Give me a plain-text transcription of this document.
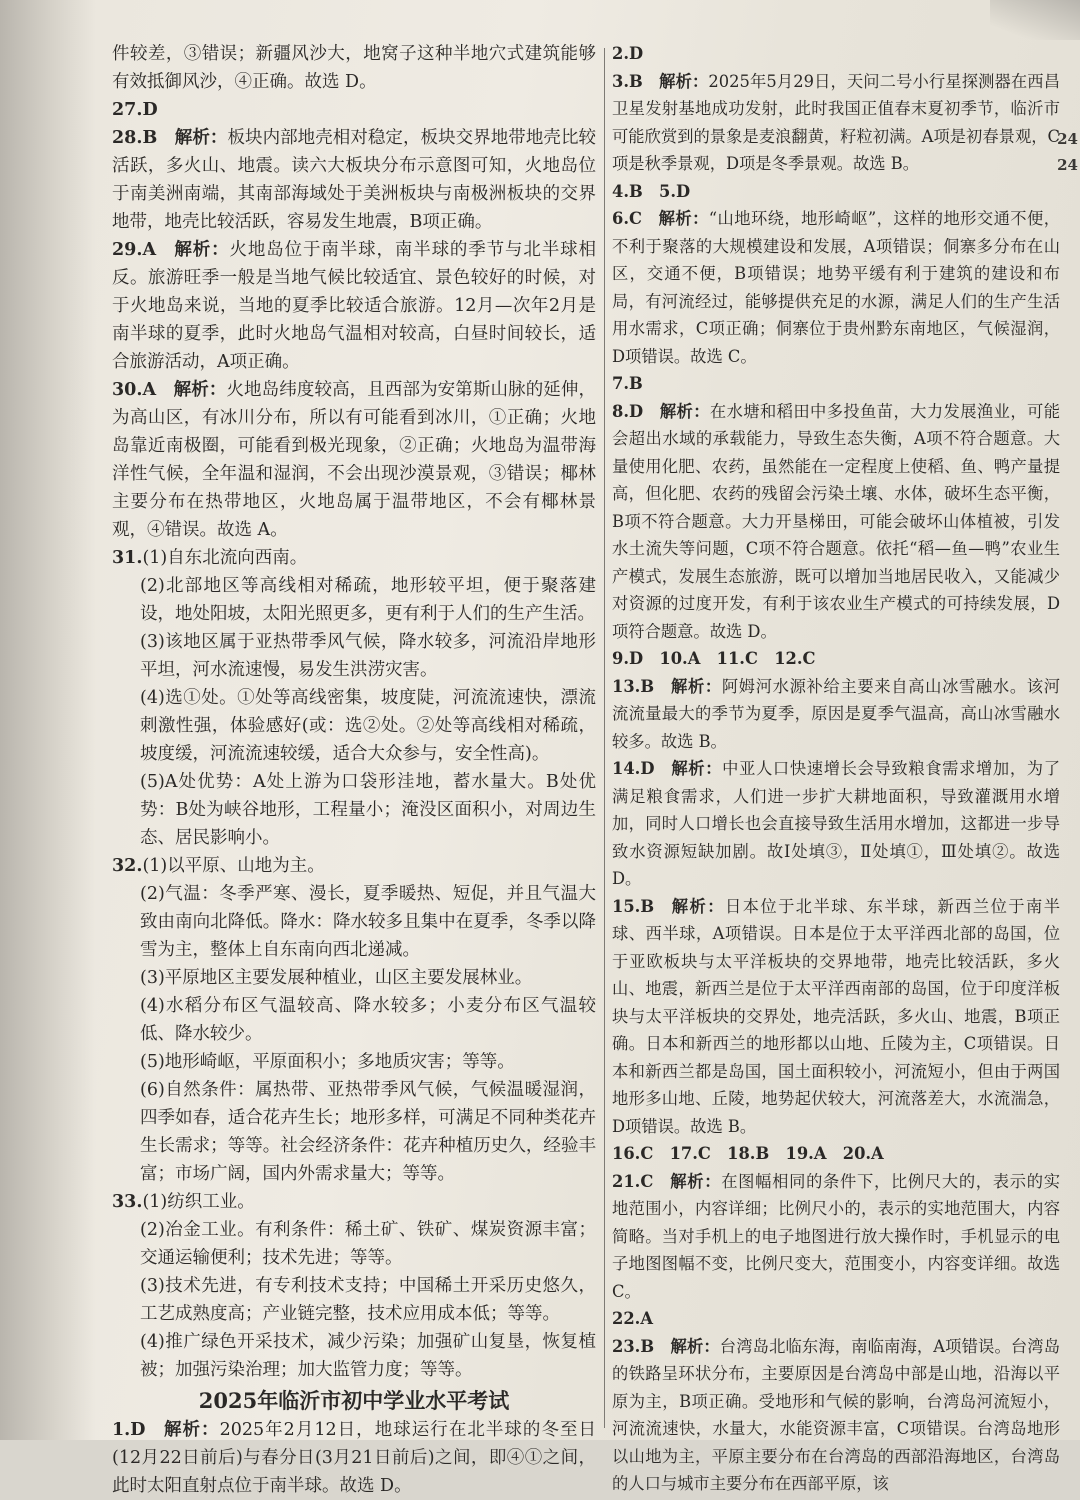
24
24

件较差，③错误；新疆风沙大，地窝子这种半地穴式建筑能够有效抵御风沙，④正确。故选 D。

27.D

28.B  解析：板块内部地壳相对稳定，板块交界地带地壳比较活跃，多火山、地震。读六大板块分布示意图可知，火地岛位于南美洲南端，其南部海域处于美洲板块与南极洲板块的交界地带，地壳比较活跃，容易发生地震，B项正确。

29.A  解析：火地岛位于南半球，南半球的季节与北半球相反。旅游旺季一般是当地气候比较适宜、景色较好的时候，对于火地岛来说，当地的夏季比较适合旅游。12月—次年2月是南半球的夏季，此时火地岛气温相对较高，白昼时间较长，适合旅游活动，A项正确。

30.A  解析：火地岛纬度较高，且西部为安第斯山脉的延伸，为高山区，有冰川分布，所以有可能看到冰川，①正确；火地岛靠近南极圈，可能看到极光现象，②正确；火地岛为温带海洋性气候，全年温和湿润，不会出现沙漠景观，③错误；椰林主要分布在热带地区，火地岛属于温带地区，不会有椰林景观，④错误。故选 A。

31.(1)自东北流向西南。

(2)北部地区等高线相对稀疏，地形较平坦，便于聚落建设，地处阳坡，太阳光照更多，更有利于人们的生产生活。

(3)该地区属于亚热带季风气候，降水较多，河流沿岸地形平坦，河水流速慢，易发生洪涝灾害。

(4)选①处。①处等高线密集，坡度陡，河流流速快，漂流刺激性强，体验感好(或：选②处。②处等高线相对稀疏，坡度缓，河流流速较缓，适合大众参与，安全性高)。

(5)A处优势：A处上游为口袋形洼地，蓄水量大。B处优势：B处为峡谷地形，工程量小；淹没区面积小，对周边生态、居民影响小。

32.(1)以平原、山地为主。

(2)气温：冬季严寒、漫长，夏季暖热、短促，并且气温大致由南向北降低。降水：降水较多且集中在夏季，冬季以降雪为主，整体上自东南向西北递减。

(3)平原地区主要发展种植业，山区主要发展林业。

(4)水稻分布区气温较高、降水较多；小麦分布区气温较低、降水较少。

(5)地形崎岖，平原面积小；多地质灾害；等等。

(6)自然条件：属热带、亚热带季风气候，气候温暖湿润，四季如春，适合花卉生长；地形多样，可满足不同种类花卉生长需求；等等。社会经济条件：花卉种植历史久，经验丰富；市场广阔，国内外需求量大；等等。

33.(1)纺织工业。

(2)冶金工业。有利条件：稀土矿、铁矿、煤炭资源丰富；交通运输便利；技术先进；等等。

(3)技术先进，有专利技术支持；中国稀土开采历史悠久，工艺成熟度高；产业链完整，技术应用成本低；等等。

(4)推广绿色开采技术，减少污染；加强矿山复垦，恢复植被；加强污染治理；加大监管力度；等等。

2025年临沂市初中学业水平考试

1.D  解析：2025年2月12日，地球运行在北半球的冬至日(12月22日前后)与春分日(3月21日前后)之间，即④①之间，此时太阳直射点位于南半球。故选 D。

2.D

3.B  解析：2025年5月29日，天问二号小行星探测器在西昌卫星发射基地成功发射，此时我国正值春末夏初季节，临沂市可能欣赏到的景象是麦浪翻黄，籽粒初满。A项是初春景观，C项是秋季景观，D项是冬季景观。故选 B。

4.B　5.D

6.C  解析：“山地环绕，地形崎岖”，这样的地形交通不便，不利于聚落的大规模建设和发展，A项错误；侗寨多分布在山区，交通不便，B项错误；地势平缓有利于建筑的建设和布局，有河流经过，能够提供充足的水源，满足人们的生产生活用水需求，C项正确；侗寨位于贵州黔东南地区，气候湿润，D项错误。故选 C。

7.B

8.D  解析：在水塘和稻田中多投鱼苗，大力发展渔业，可能会超出水域的承载能力，导致生态失衡，A项不符合题意。大量使用化肥、农药，虽然能在一定程度上使稻、鱼、鸭产量提高，但化肥、农药的残留会污染土壤、水体，破坏生态平衡，B项不符合题意。大力开垦梯田，可能会破坏山体植被，引发水土流失等问题，C项不符合题意。依托“稻—鱼—鸭”农业生产模式，发展生态旅游，既可以增加当地居民收入，又能减少对资源的过度开发，有利于该农业生产模式的可持续发展，D项符合题意。故选 D。

9.D　10.A　11.C　12.C

13.B  解析：阿姆河水源补给主要来自高山冰雪融水。该河流流量最大的季节为夏季，原因是夏季气温高，高山冰雪融水较多。故选 B。

14.D  解析：中亚人口快速增长会导致粮食需求增加，为了满足粮食需求，人们进一步扩大耕地面积，导致灌溉用水增加，同时人口增长也会直接导致生活用水增加，这都进一步导致水资源短缺加剧。故Ⅰ处填③，Ⅱ处填①，Ⅲ处填②。故选 D。

15.B  解析：日本位于北半球、东半球，新西兰位于南半球、西半球，A项错误。日本是位于太平洋西北部的岛国，位于亚欧板块与太平洋板块的交界地带，地壳比较活跃，多火山、地震，新西兰是位于太平洋西南部的岛国，位于印度洋板块与太平洋板块的交界处，地壳活跃，多火山、地震，B项正确。日本和新西兰的地形都以山地、丘陵为主，C项错误。日本和新西兰都是岛国，国土面积较小，河流短小，但由于两国地形多山地、丘陵，地势起伏较大，河流落差大，水流湍急，D项错误。故选 B。

16.C　17.C　18.B　19.A　20.A

21.C  解析：在图幅相同的条件下，比例尺大的，表示的实地范围小，内容详细；比例尺小的，表示的实地范围大，内容简略。当对手机上的电子地图进行放大操作时，手机显示的电子地图图幅不变，比例尺变大，范围变小，内容变详细。故选 C。

22.A

23.B  解析：台湾岛北临东海，南临南海，A项错误。台湾岛的铁路呈环状分布，主要原因是台湾岛中部是山地，沿海以平原为主，B项正确。受地形和气候的影响，台湾岛河流短小，河流流速快，水量大，水能资源丰富，C项错误。台湾岛地形以山地为主，平原主要分布在台湾岛的西部沿海地区，台湾岛的人口与城市主要分布在西部平原，该
